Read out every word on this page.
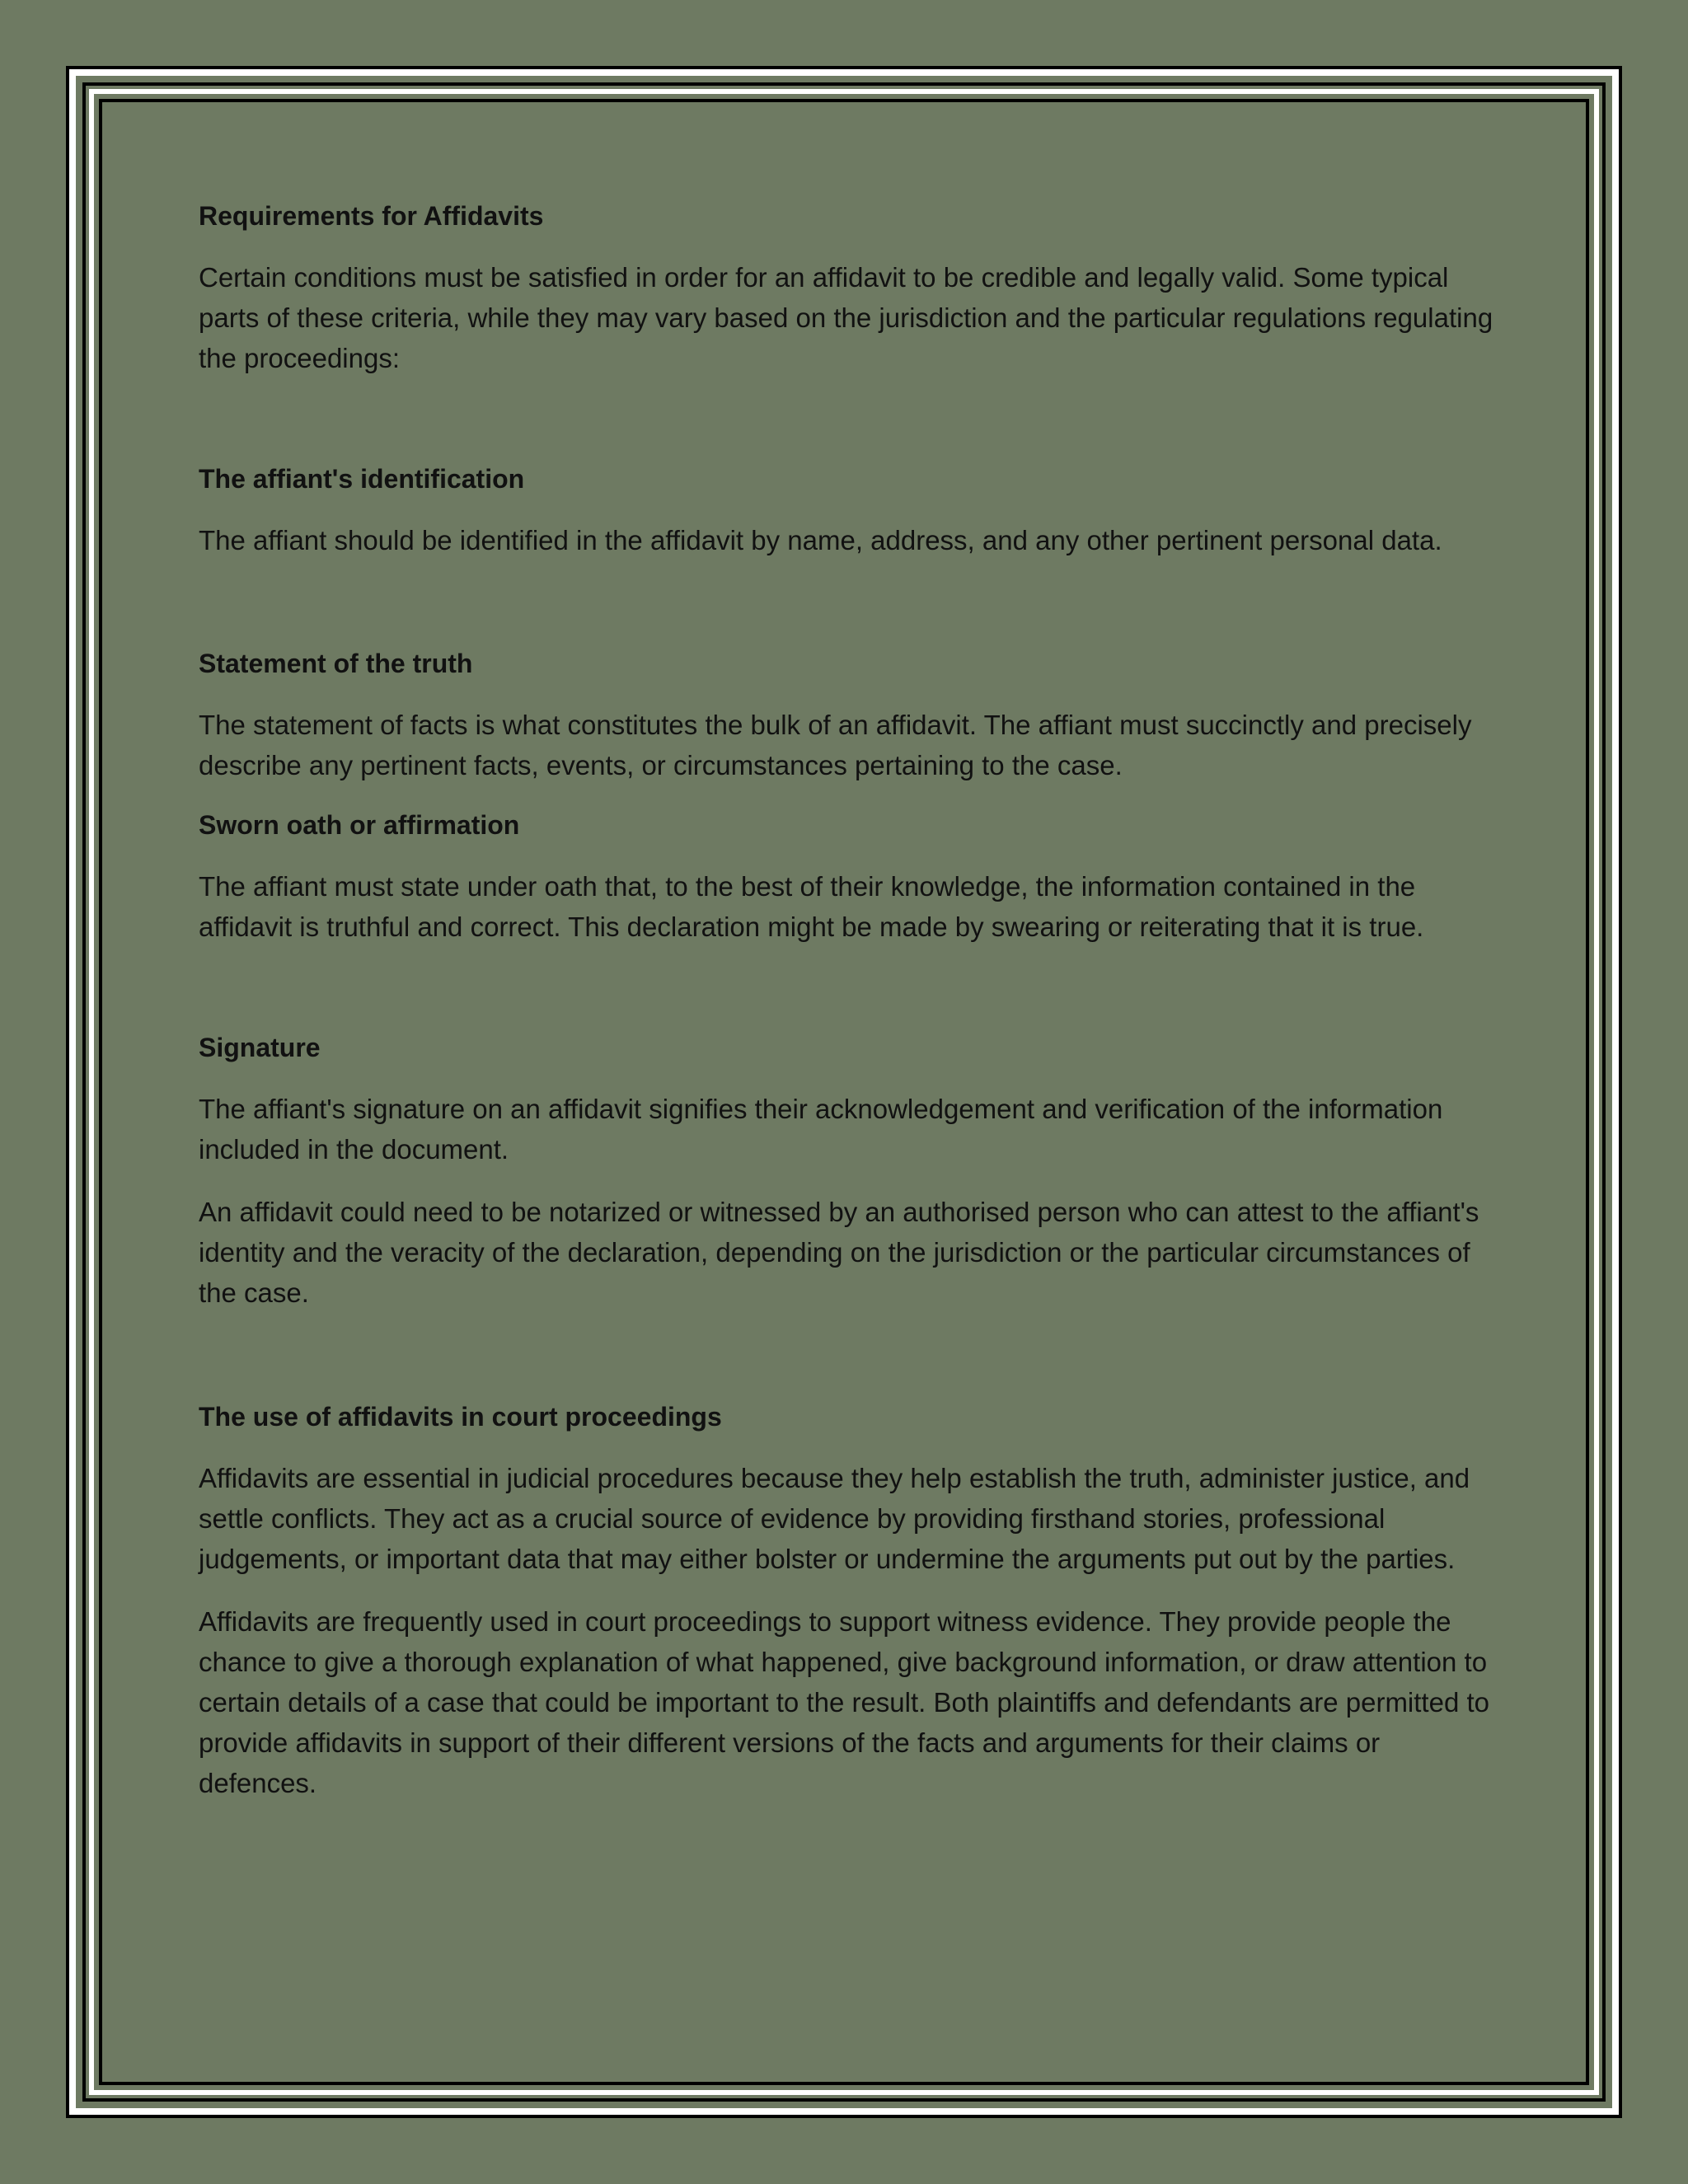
Requirements for Affidavits

Certain conditions must be satisfied in order for an affidavit to be credible and legally valid. Some typical parts of these criteria, while they may vary based on the jurisdiction and the particular regulations regulating the proceedings:

The affiant's identification

The affiant should be identified in the affidavit by name, address, and any other pertinent personal data.

Statement of the truth

The statement of facts is what constitutes the bulk of an affidavit. The affiant must succinctly and precisely describe any pertinent facts, events, or circumstances pertaining to the case.

Sworn oath or affirmation

The affiant must state under oath that, to the best of their knowledge, the information contained in the affidavit is truthful and correct. This declaration might be made by swearing or reiterating that it is true.

Signature

The affiant's signature on an affidavit signifies their acknowledgement and verification of the information included in the document.

An affidavit could need to be notarized or witnessed by an authorised person who can attest to the affiant's identity and the veracity of the declaration, depending on the jurisdiction or the particular circumstances of the case.

The use of affidavits in court proceedings

Affidavits are essential in judicial procedures because they help establish the truth, administer justice, and settle conflicts. They act as a crucial source of evidence by providing firsthand stories, professional judgements, or important data that may either bolster or undermine the arguments put out by the parties.

Affidavits are frequently used in court proceedings to support witness evidence. They provide people the chance to give a thorough explanation of what happened, give background information, or draw attention to certain details of a case that could be important to the result. Both plaintiffs and defendants are permitted to provide affidavits in support of their different versions of the facts and arguments for their claims or defences.
